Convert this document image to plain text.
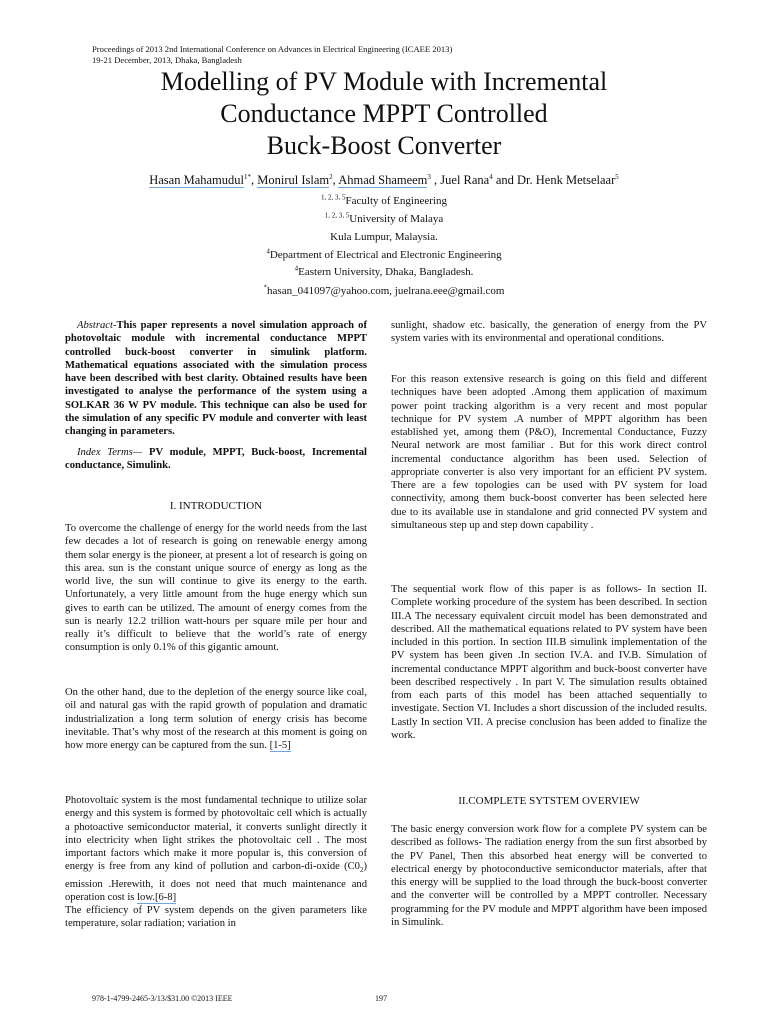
Proceedings of 2013 2nd International Conference on Advances in Electrical Engineering (ICAEE 2013)
19-21 December, 2013, Dhaka, Bangladesh
Modelling of PV Module with Incremental
Conductance MPPT Controlled
Buck-Boost Converter
Hasan Mahamudul$^{1*}$, Monirul Islam$^2$, Ahmad Shameem$^3$ , Juel Rana$^4$ and Dr. Henk Metselaar$^5$
$^{1, 2, 3, 5}$Faculty of Engineering
$^{1, 2, 3, 5}$University of Malaya
Kula Lumpur, Malaysia.
$^4$Department of Electrical and Electronic Engineering
$^4$Eastern University, Dhaka, Bangladesh.
*hasan_041097@yahoo.com, juelrana.eee@gmail.com

Abstract-This paper represents a novel simulation approach of photovoltaic module with incremental conductance MPPT controlled buck-boost converter in simulink platform. Mathematical equations associated with the simulation process have been described with best clarity. Obtained results have been investigated to analyse the performance of the system using a SOLKAR 36 W PV module. This technique can also be used for the simulation of any specific PV module and converter with least changing in parameters.

Index Terms— PV module, MPPT, Buck-boost, Incremental conductance, Simulink.

I. INTRODUCTION

To overcome the challenge of energy for the world needs from the last few decades a lot of research is going on renewable energy among them solar energy is the pioneer, at present a lot of research is going on this area. sun is the constant unique source of energy as long as the world live, the sun will continue to give its energy to the earth. Unfortunately, a very little amount from the huge energy which sun gives to earth can be utilized. The amount of energy comes from the sun is nearly 12.2 trillion watt-hours per square mile per hour and really it’s difficult to believe that the world’s rate of energy consumption is only 0.1% of this gigantic amount.

On the other hand, due to the depletion of the energy source like coal, oil and natural gas with the rapid growth of population and dramatic industrialization a long term solution of energy crisis has become inevitable. That’s why most of the research at this moment is going on how more energy can be captured from the sun. [1-5]

Photovoltaic system is the most fundamental technique to utilize solar energy and this system is formed by photovoltaic cell which is actually a photoactive semiconductor material, it converts sunlight directly it into electricity when light strikes the photovoltaic cell . The most important factors which make it more popular is, this conversion of energy is free from any kind of pollution and carbon-di-oxide $(C0_2)$ emission .Herewith, it does not need that much maintenance and operation cost is low.[6-8]

The efficiency of PV system depends on the given parameters like temperature, solar radiation; variation in

sunlight, shadow etc. basically, the generation of energy from the PV system varies with its environmental and operational conditions.

For this reason extensive research is going on this field and different techniques have been adopted .Among them application of maximum power point tracking algorithm is a very recent and most popular technique for PV system .A number of MPPT algorithm has been established yet, among them (P&O), Incremental Conductance, Fuzzy Neural network are most familiar . But for this work direct control incremental conductance algorithm has been used. Selection of appropriate converter is also very important for an efficient PV system. There are a few topologies can be used with PV system for load connectivity, among them buck-boost converter has been selected here due to its available use in standalone and grid connected PV system and simultaneous step up and step down capability .

The sequential work flow of this paper is as follows- In section II. Complete working procedure of the system has been described. In section III.A The necessary equivalent circuit model has been demonstrated and described. All the mathematical equations related to PV system have been included in this portion. In section III.B simulink implementation of the PV system has been given .In section IV.A. and IV.B. Simulation of incremental conductance MPPT algorithm and buck-boost converter have been described respectively . In part V. The simulation results obtained from each parts of this model has been attached sequentially to investigate. Section VI. Includes a short discussion of the included results. Lastly In section VII. A precise conclusion has been added to finalize the work.

II.COMPLETE SYTSTEM OVERVIEW

The basic energy conversion work flow for a complete PV system can be described as follows- The radiation energy from the sun first absorbed by the PV Panel, Then this absorbed heat energy will be converted to electrical energy by photoconductive semiconductor materials, after that this energy will be supplied to the load through the buck-boost converter and the converter will be controlled by a MPPT controller. Necessary programming for the PV module and MPPT algorithm have been imposed in Simulink.

978-1-4799-2465-3/13/$31.00 ©2013 IEEE	197
